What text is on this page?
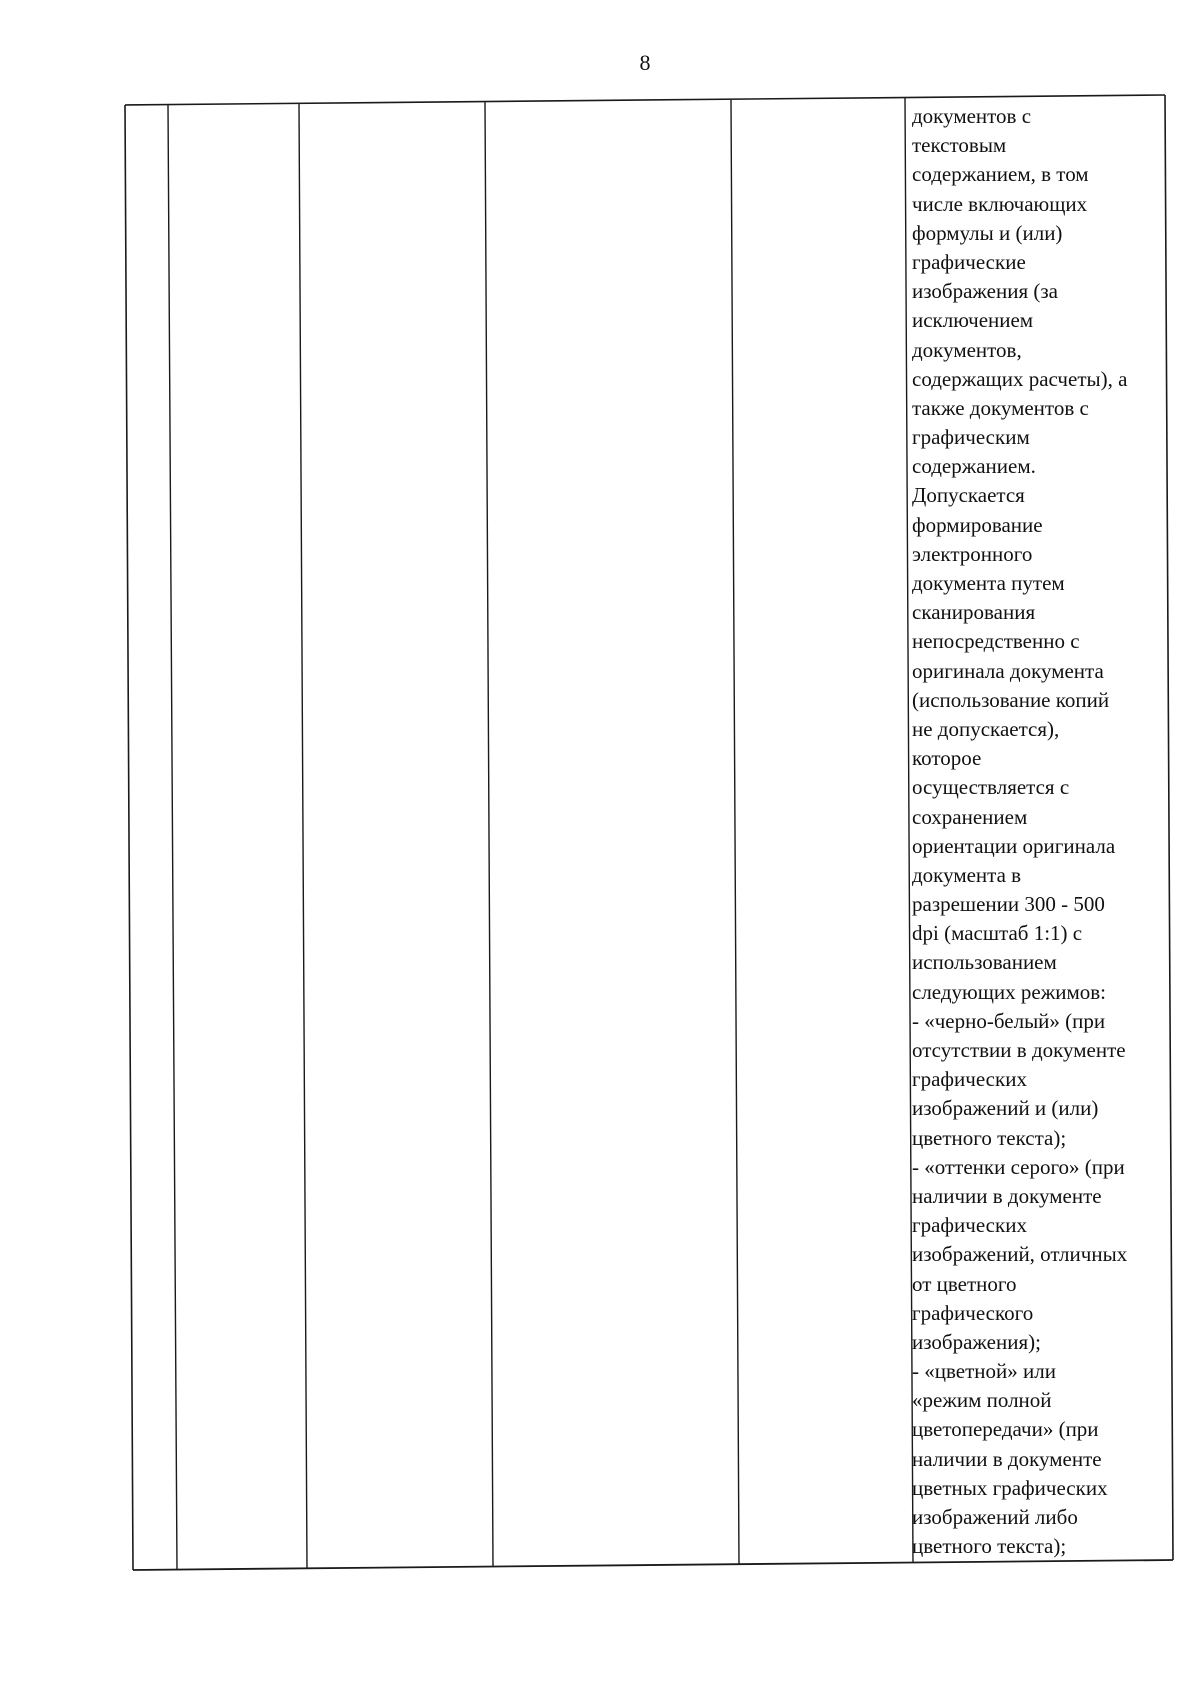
8
документов с
текстовым
содержанием, в том
числе включающих
формулы и (или)
графические
изображения (за
исключением
документов,
содержащих расчеты), а
также документов с
графическим
содержанием.
Допускается
формирование
электронного
документа путем
сканирования
непосредственно с
оригинала документа
(использование копий
не допускается),
которое
осуществляется с
сохранением
ориентации оригинала
документа в
разрешении 300 - 500
dpi (масштаб 1:1) с
использованием
следующих режимов:
- «черно-белый» (при
отсутствии в документе
графических
изображений и (или)
цветного текста);
- «оттенки серого» (при
наличии в документе
графических
изображений, отличных
от цветного
графического
изображения);
- «цветной» или
«режим полной
цветопередачи» (при
наличии в документе
цветных графических
изображений либо
цветного текста);
